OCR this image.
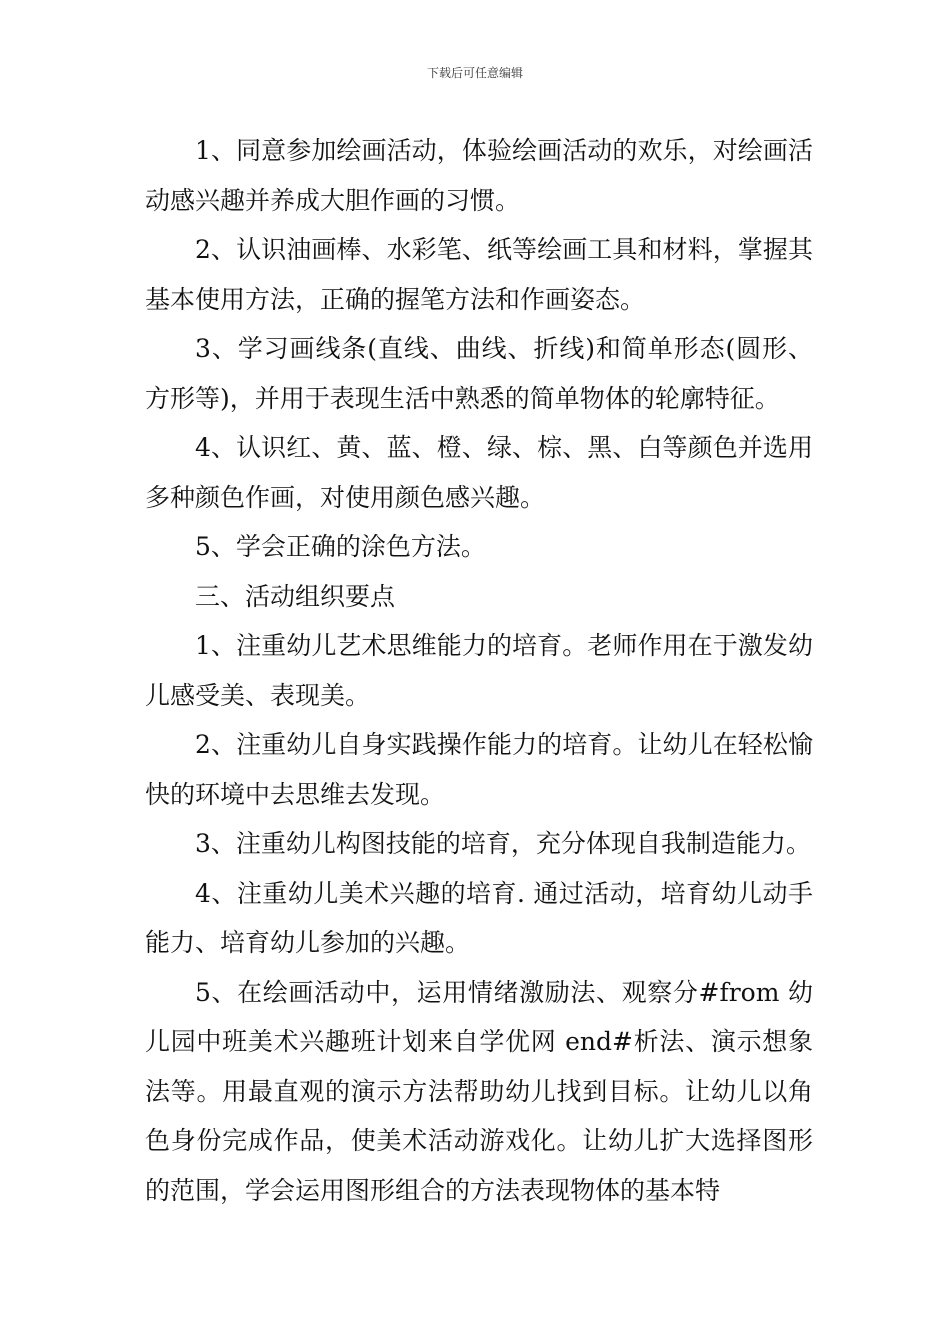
下载后可任意编辑

1、同意参加绘画活动，体验绘画活动的欢乐，对绘画活动感兴趣并养成大胆作画的习惯。

2、认识油画棒、水彩笔、纸等绘画工具和材料，掌握其基本使用方法，正确的握笔方法和作画姿态。

3、学习画线条(直线、曲线、折线)和简单形态(圆形、方形等)，并用于表现生活中熟悉的简单物体的轮廓特征。

4、认识红、黄、蓝、橙、绿、棕、黑、白等颜色并选用多种颜色作画，对使用颜色感兴趣。

5、学会正确的涂色方法。

三、活动组织要点

1、注重幼儿艺术思维能力的培育。老师作用在于激发幼儿感受美、表现美。

2、注重幼儿自身实践操作能力的培育。让幼儿在轻松愉快的环境中去思维去发现。

3、注重幼儿构图技能的培育，充分体现自我制造能力。

4、注重幼儿美术兴趣的培育. 通过活动，培育幼儿动手能力、培育幼儿参加的兴趣。

5、在绘画活动中，运用情绪激励法、观察分#from 幼儿园中班美术兴趣班计划来自学优网 end#析法、演示想象法等。用最直观的演示方法帮助幼儿找到目标。让幼儿以角色身份完成作品，使美术活动游戏化。让幼儿扩大选择图形的范围，学会运用图形组合的方法表现物体的基本特
